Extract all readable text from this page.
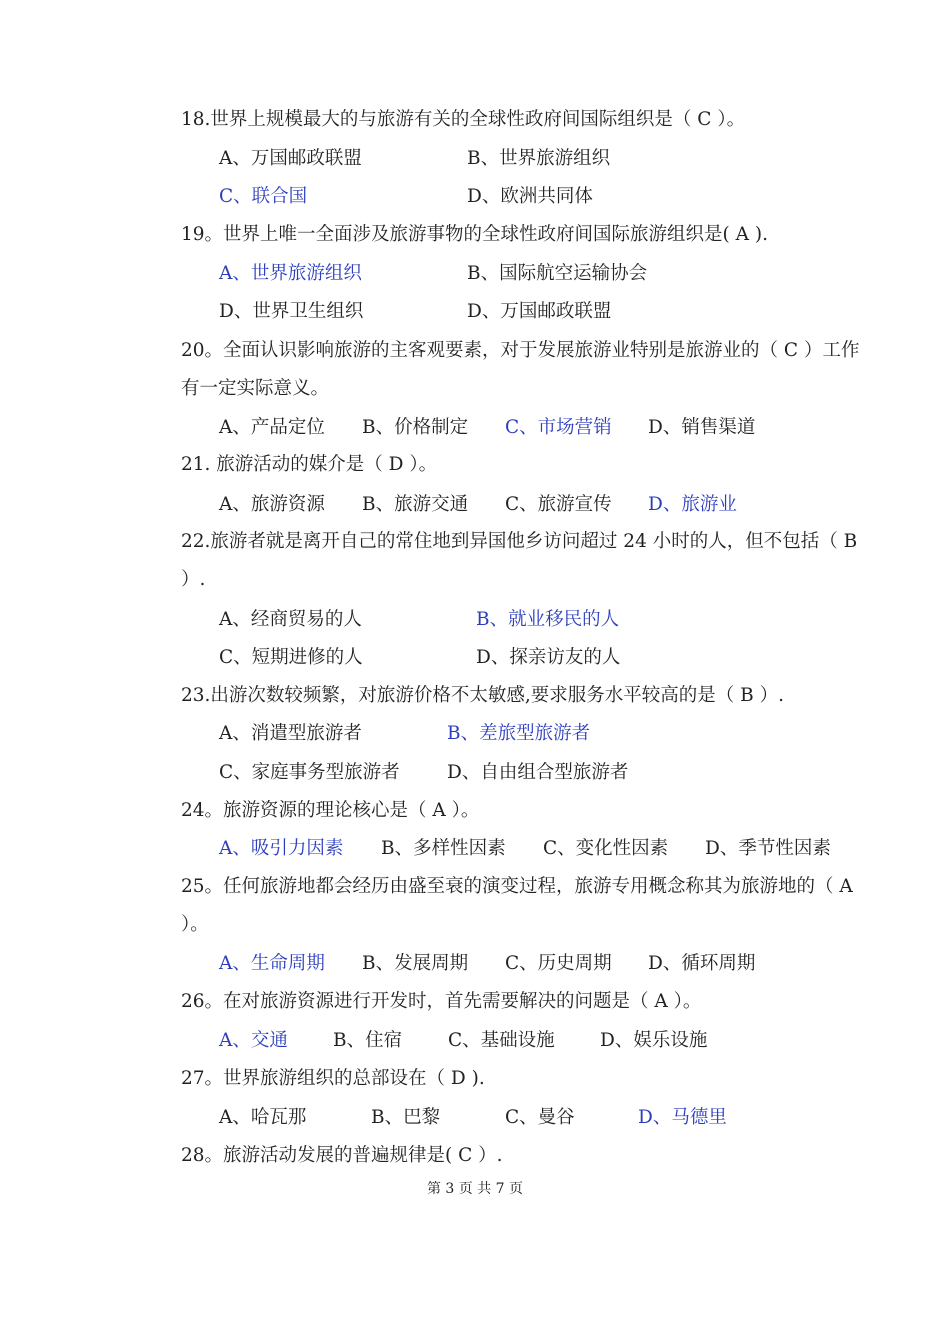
18.世界上规模最大的与旅游有关的全球性政府间国际组织是（ C ）。
A、万国邮政联盟	B、世界旅游组织
C、联合国	D、欧洲共同体
19。世界上唯一全面涉及旅游事物的全球性政府间国际旅游组织是( A ).
A、世界旅游组织	B、国际航空运输协会
D、世界卫生组织	D、万国邮政联盟
20。全面认识影响旅游的主客观要素，对于发展旅游业特别是旅游业的（ C ）工作有一定实际意义。
A、产品定位 B、价格制定 C、市场营销 D、销售渠道
21. 旅游活动的媒介是（ D ）。
A、旅游资源 B、旅游交通 C、旅游宣传 D、旅游业
22.旅游者就是离开自己的常住地到异国他乡访问超过 24 小时的人，但不包括（ B ）.
A、经商贸易的人	B、就业移民的人
C、短期进修的人	D、探亲访友的人
23.出游次数较频繁，对旅游价格不太敏感,要求服务水平较高的是（ B ）.
A、消遣型旅游者	B、差旅型旅游者
C、家庭事务型旅游者	D、自由组合型旅游者
24。旅游资源的理论核心是（ A ）。
A、吸引力因素 B、多样性因素 C、变化性因素 D、季节性因素
25。任何旅游地都会经历由盛至衰的演变过程，旅游专用概念称其为旅游地的（ A ）。
A、生命周期 B、发展周期 C、历史周期 D、循环周期
26。在对旅游资源进行开发时，首先需要解决的问题是（ A ）。
A、交通 B、住宿 C、基础设施 D、娱乐设施
27。世界旅游组织的总部设在（ D ).
A、哈瓦那	B、巴黎	C、曼谷	D、马德里
28。旅游活动发展的普遍规律是( C ）.
第 3 页 共 7 页
